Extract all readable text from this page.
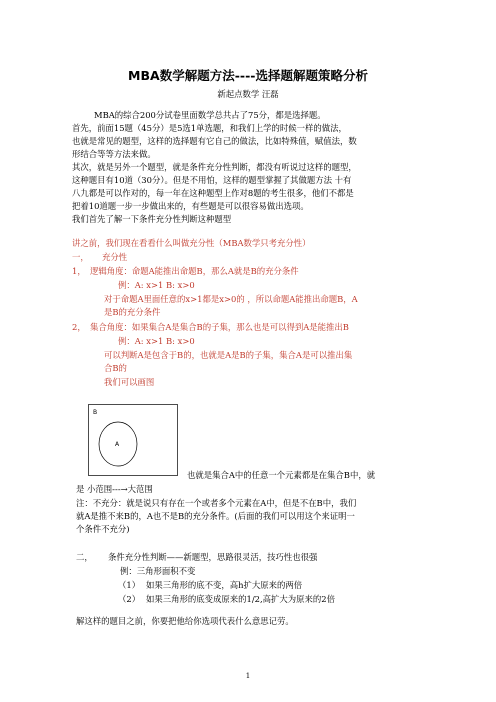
MBA数学解题方法----选择题解题策略分析
新起点数学 汪磊
MBA的综合200分试卷里面数学总共占了75分，都是选择题。
首先，前面15题（45分）是5选1单选题，和我们上学的时候一样的做法，
也就是常见的题型，这样的选择题有它自己的做法，比如特殊值，赋值法，数
形结合等等方法来做。
其次，就是另外一个题型，就是条件充分性判断，都没有听说过这样的题型，
这种题目有10道（30分）。但是不用怕，这样的题型掌握了其做题方法 十有
八九都是可以作对的，每一年在这种题型上作对8题的考生很多，他们不都是
把着10道题一步一步做出来的，有些题是可以很容易做出选项。
我们首先了解一下条件充分性判断这种题型
讲之前，我们现在看看什么叫做充分性（MBA数学只考充分性）
一， 充分性
1， 逻辑角度：命题A能推出命题B，那么A就是B的充分条件
例：A: x>1 B: x>0
对于命题A里面任意的x>1都是x>0的 ，所以命题A能推出命题B，A
是B的充分条件
2， 集合角度：如果集合A是集合B的子集，那么也是可以得到A是能推出B
例：A: x>1 B: x>0
可以判断A是包含于B的，也就是A是B的子集，集合A是可以推出集
合B的
我们可以画图
B
A
也就是集合A中的任意一个元素都是在集合B中，就
是 小范围---→大范围
注：不充分：就是说只有存在一个或者多个元素在A中，但是不在B中，我们
就A是推不来B的，A也不是B的充分条件。(后面的我们可以用这个来证明一
个条件不充分)
二， 条件充分性判断——新题型，思路很灵活，技巧性也很强
例：三角形面积不变
（1） 如果三角形的底不变，高h扩大原来的两倍
（2） 如果三角形的底变成原来的1/2,高扩大为原来的2倍
解这样的题目之前，你要把他给你选项代表什么意思记劳。
1
